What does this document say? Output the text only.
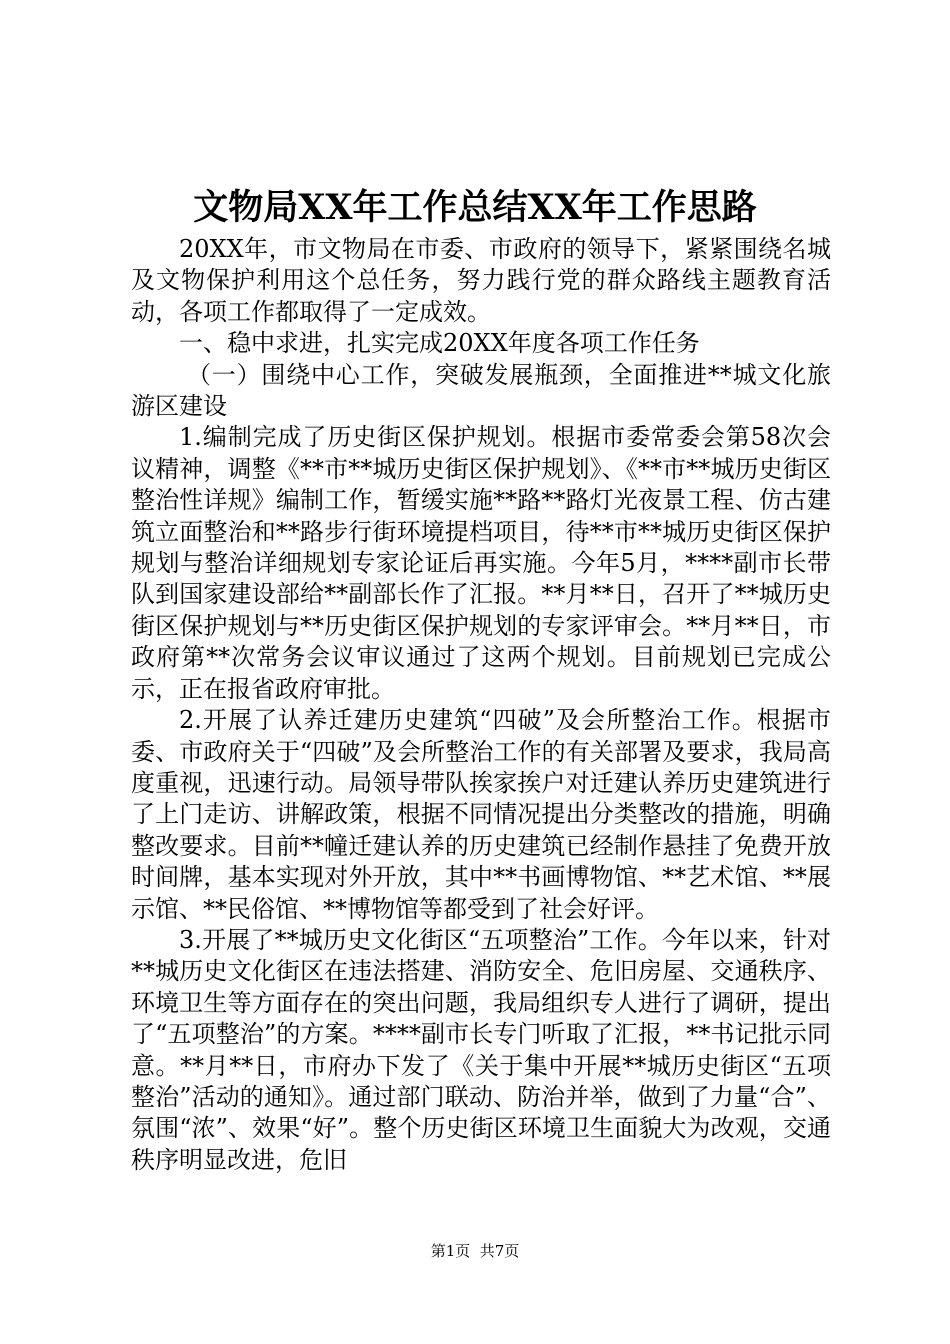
文物局XX年工作总结XX年工作思路

20XX年，市文物局在市委、市政府的领导下，紧紧围绕名城及文物保护利用这个总任务，努力践行党的群众路线主题教育活动，各项工作都取得了一定成效。

一、稳中求进，扎实完成20XX年度各项工作任务

（一）围绕中心工作，突破发展瓶颈，全面推进**城文化旅游区建设

1.编制完成了历史街区保护规划。根据市委常委会第58次会议精神，调整《**市**城历史街区保护规划》、《**市**城历史街区整治性详规》编制工作，暂缓实施**路**路灯光夜景工程、仿古建筑立面整治和**路步行街环境提档项目，待**市**城历史街区保护规划与整治详细规划专家论证后再实施。今年5月，****副市长带队到国家建设部给**副部长作了汇报。**月**日，召开了**城历史街区保护规划与**历史街区保护规划的专家评审会。**月**日，市政府第**次常务会议审议通过了这两个规划。目前规划已完成公示，正在报省政府审批。

2.开展了认养迁建历史建筑“四破”及会所整治工作。根据市委、市政府关于“四破”及会所整治工作的有关部署及要求，我局高度重视，迅速行动。局领导带队挨家挨户对迁建认养历史建筑进行了上门走访、讲解政策，根据不同情况提出分类整改的措施，明确整改要求。目前**幢迁建认养的历史建筑已经制作悬挂了免费开放时间牌，基本实现对外开放，其中**书画博物馆、**艺术馆、**展示馆、**民俗馆、**博物馆等都受到了社会好评。

3.开展了**城历史文化街区“五项整治”工作。今年以来，针对**城历史文化街区在违法搭建、消防安全、危旧房屋、交通秩序、环境卫生等方面存在的突出问题，我局组织专人进行了调研，提出了“五项整治”的方案。****副市长专门听取了汇报，**书记批示同意。**月**日，市府办下发了《关于集中开展**城历史街区“五项整治”活动的通知》。通过部门联动、防治并举，做到了力量“合”、氛围“浓”、效果“好”。整个历史街区环境卫生面貌大为改观，交通秩序明显改进，危旧

第1页  共7页
